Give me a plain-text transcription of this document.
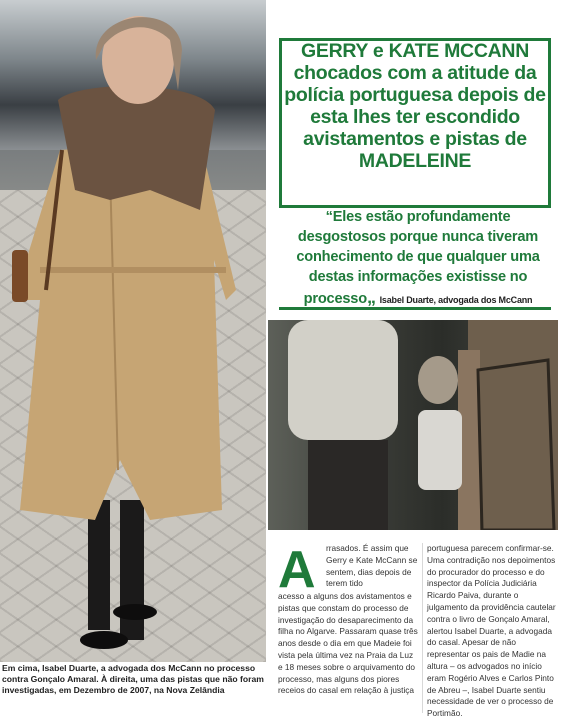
Em cima, Isabel Duarte, a advogada dos McCann no processo contra Gonçalo Amaral. À direita, uma das pistas que não foram investigadas, em Dezembro de 2007, na Nova Zelândia
GERRY e KATE MCCANN chocados com a atitude da polícia portuguesa depois de esta lhes ter escondido avistamentos e pistas de MADELEINE
“Eles estão profundamente desgostosos porque nunca tiveram conhecimento de que qualquer uma destas informações existisse no processo„ Isabel Duarte, advogada dos McCann
A	rrasados. É assim que Gerry e Kate McCann se sentem, dias depois de terem tido

acesso a alguns dos avistamentos e pistas que constam do processo de investigação do desaparecimento da filha no Algarve. Passaram quase três anos desde o dia em que Madeie foi vista pela última vez na Praia da Luz e 18 meses sobre o arquivamento do processo, mas alguns dos piores receios do casal em relação à justiça

portuguesa parecem confirmar-se. Uma contradição nos depoimentos do procurador do processo e do inspector da Polícia Judiciária Ricardo Paiva, durante o julgamento da providência cautelar contra o livro de Gonçalo Amaral, alertou Isabel Duarte, a advogada do casal. Apesar de não representar os pais de Madie na altura – os advogados no início eram Rogério Alves e Carlos Pinto de Abreu –, Isabel Duarte sentiu necessidade de ver o processo de Portimão.
